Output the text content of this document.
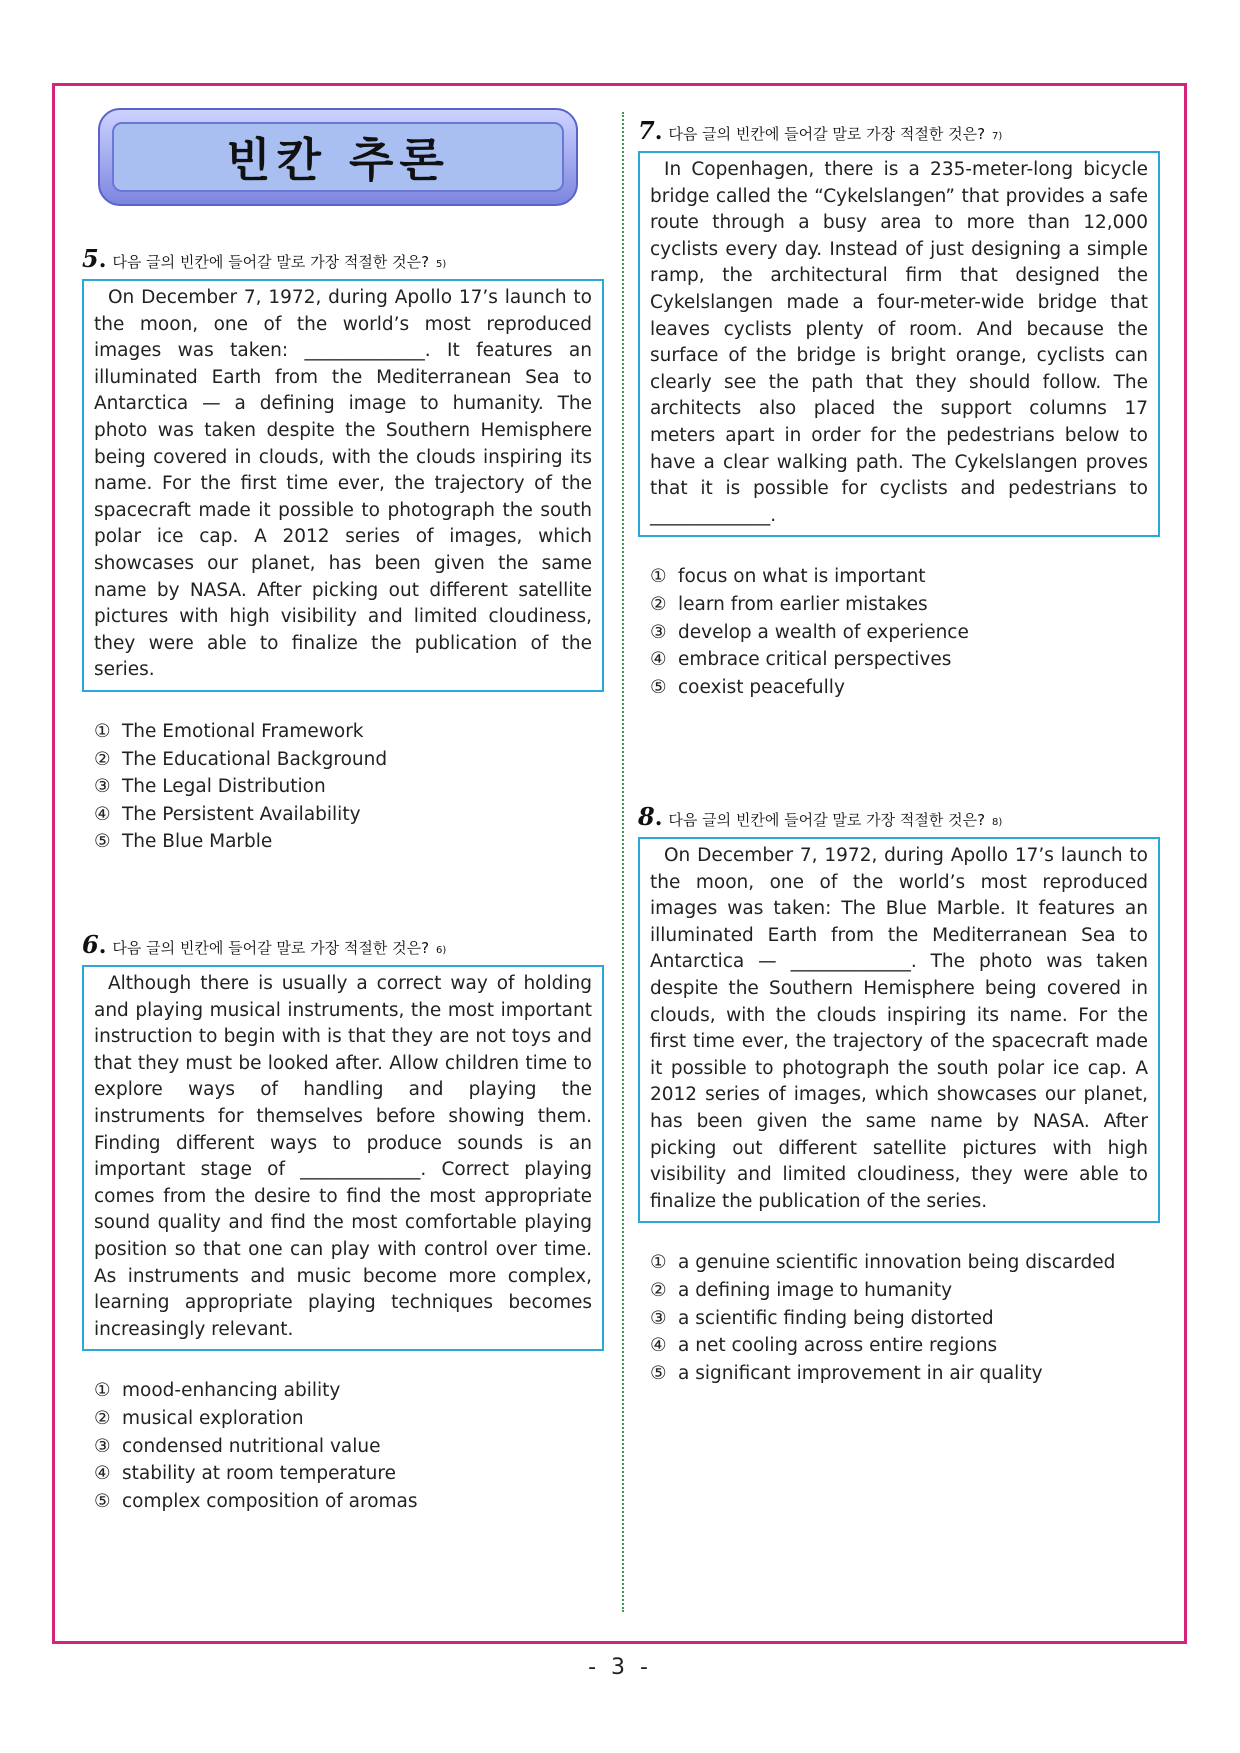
빈칸 추론
5 . 다음 글의 빈칸에 들어갈 말로 가장 적절한 것은? 5)
On December 7, 1972, during Apollo 17’s launch to the moon, one of the world’s most reproduced images was taken: _____________. It features an illuminated Earth from the Mediterranean Sea to Antarctica — a defining image to humanity. The photo was taken despite the Southern Hemisphere being covered in clouds, with the clouds inspiring its name. For the first time ever, the trajectory of the spacecraft made it possible to photograph the south polar ice cap. A 2012 series of images, which showcases our planet, has been given the same name by NASA. After picking out different satellite pictures with high visibility and limited cloudiness, they were able to finalize the publication of the series.
① The Emotional Framework
② The Educational Background
③ The Legal Distribution
④ The Persistent Availability
⑤ The Blue Marble
6 . 다음 글의 빈칸에 들어갈 말로 가장 적절한 것은? 6)
Although there is usually a correct way of holding and playing musical instruments, the most important instruction to begin with is that they are not toys and that they must be looked after. Allow children time to explore ways of handling and playing the instruments for themselves before showing them. Finding different ways to produce sounds is an important stage of _____________. Correct playing comes from the desire to find the most appropriate sound quality and find the most comfortable playing position so that one can play with control over time. As instruments and music become more complex, learning appropriate playing techniques becomes increasingly relevant.
① mood-enhancing ability
② musical exploration
③ condensed nutritional value
④ stability at room temperature
⑤ complex composition of aromas
7 . 다음 글의 빈칸에 들어갈 말로 가장 적절한 것은? 7)
In Copenhagen, there is a 235-meter-long bicycle bridge called the “Cykelslangen” that provides a safe route through a busy area to more than 12,000 cyclists every day. Instead of just designing a simple ramp, the architectural firm that designed the Cykelslangen made a four-meter-wide bridge that leaves cyclists plenty of room. And because the surface of the bridge is bright orange, cyclists can clearly see the path that they should follow. The architects also placed the support columns 17 meters apart in order for the pedestrians below to have a clear walking path. The Cykelslangen proves that it is possible for cyclists and pedestrians to _____________.
① focus on what is important
② learn from earlier mistakes
③ develop a wealth of experience
④ embrace critical perspectives
⑤ coexist peacefully
8 . 다음 글의 빈칸에 들어갈 말로 가장 적절한 것은? 8)
On December 7, 1972, during Apollo 17’s launch to the moon, one of the world’s most reproduced images was taken: The Blue Marble. It features an illuminated Earth from the Mediterranean Sea to Antarctica — _____________. The photo was taken despite the Southern Hemisphere being covered in clouds, with the clouds inspiring its name. For the first time ever, the trajectory of the spacecraft made it possible to photograph the south polar ice cap. A 2012 series of images, which showcases our planet, has been given the same name by NASA. After picking out different satellite pictures with high visibility and limited cloudiness, they were able to finalize the publication of the series.
① a genuine scientific innovation being discarded
② a defining image to humanity
③ a scientific finding being distorted
④ a net cooling across entire regions
⑤ a significant improvement in air quality
- 3 -
